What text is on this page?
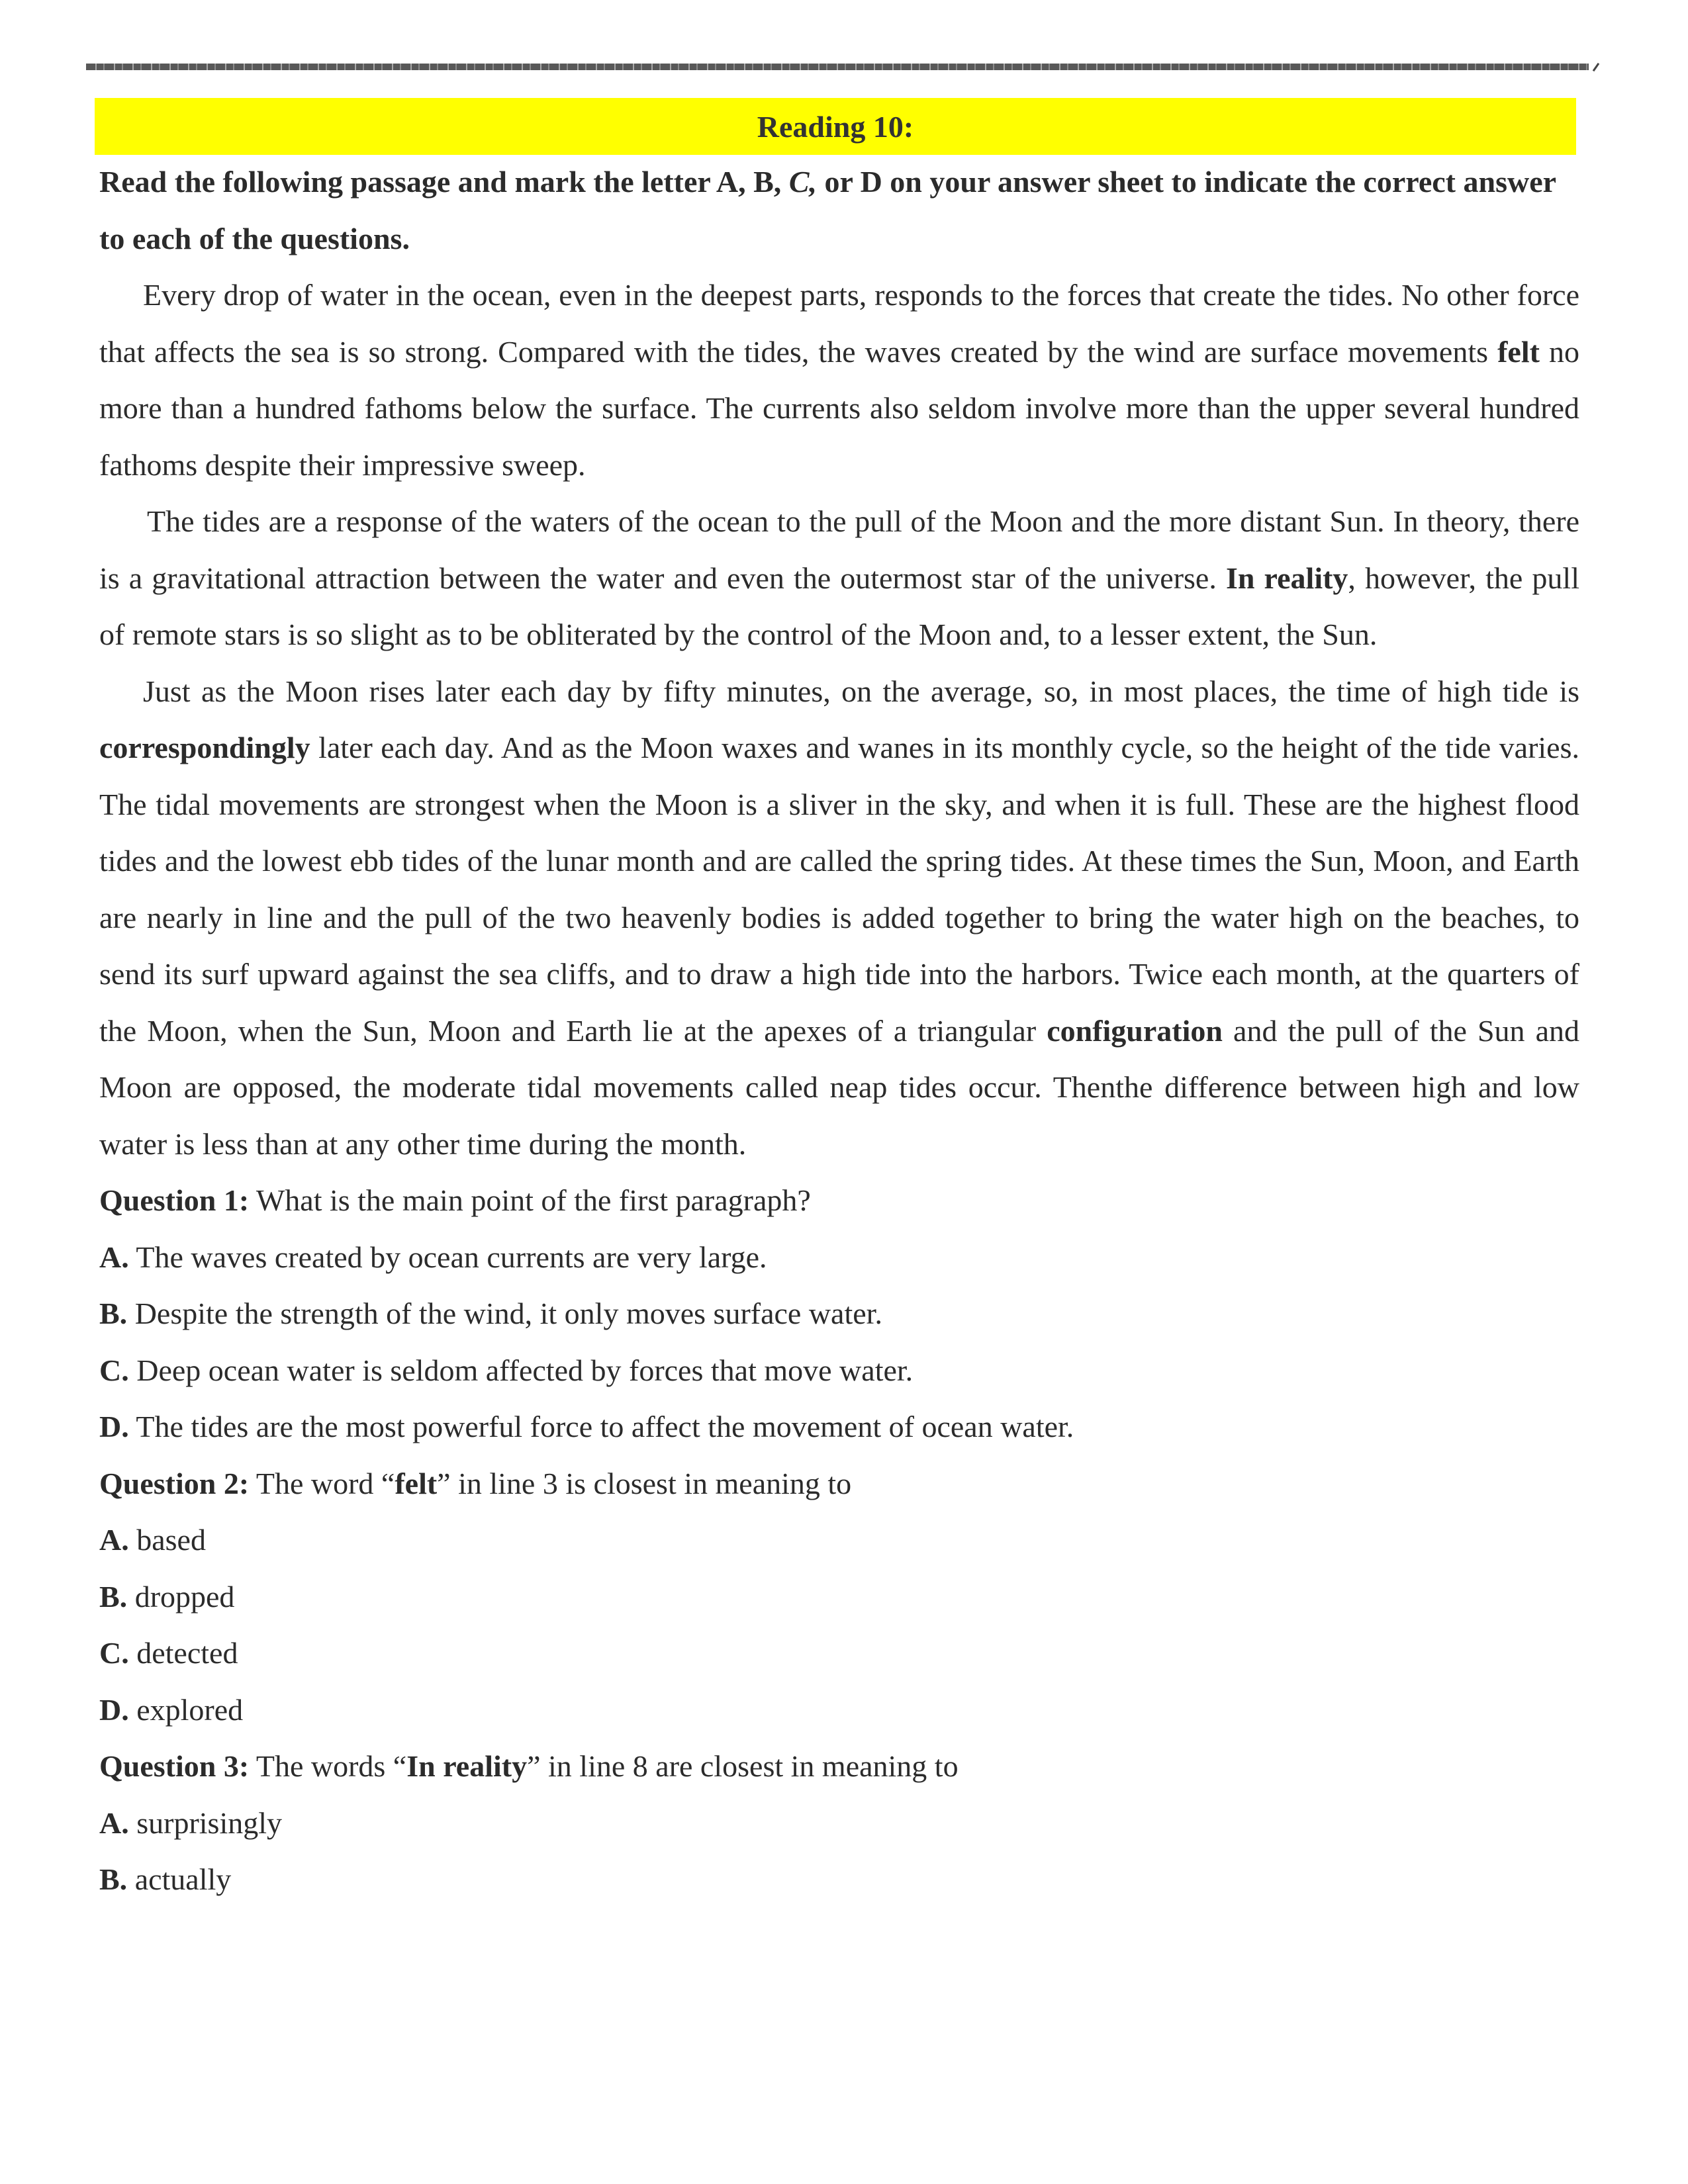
Reading 10:

Read the following passage and mark the letter A, B, C, or D on your answer sheet to indicate the correct answer to each of the questions.

Every drop of water in the ocean, even in the deepest parts, responds to the forces that create the tides. No other force that affects the sea is so strong. Compared with the tides, the waves created by the wind are surface movements felt no more than a hundred fathoms below the surface. The currents also seldom involve more than the upper several hundred fathoms despite their impressive sweep.

The tides are a response of the waters of the ocean to the pull of the Moon and the more distant Sun. In theory, there is a gravitational attraction between the water and even the outermost star of the universe. In reality, however, the pull of remote stars is so slight as to be obliterated by the control of the Moon and, to a lesser extent, the Sun.

Just as the Moon rises later each day by fifty minutes, on the average, so, in most places, the time of high tide is correspondingly later each day. And as the Moon waxes and wanes in its monthly cycle, so the height of the tide varies. The tidal movements are strongest when the Moon is a sliver in the sky, and when it is full. These are the highest flood tides and the lowest ebb tides of the lunar month and are called the spring tides. At these times the Sun, Moon, and Earth are nearly in line and the pull of the two heavenly bodies is added together to bring the water high on the beaches, to send its surf upward against the sea cliffs, and to draw a high tide into the harbors. Twice each month, at the quarters of the Moon, when the Sun, Moon and Earth lie at the apexes of a triangular configuration and the pull of the Sun and Moon are opposed, the moderate tidal movements called neap tides occur. Thenthe difference between high and low water is less than at any other time during the month.

Question 1: What is the main point of the first paragraph?

A. The waves created by ocean currents are very large.

B. Despite the strength of the wind, it only moves surface water.

C. Deep ocean water is seldom affected by forces that move water.

D. The tides are the most powerful force to affect the movement of ocean water.

Question 2: The word “felt” in line 3 is closest in meaning to

A. based

B. dropped

C. detected

D. explored

Question 3: The words “In reality” in line 8 are closest in meaning to

A. surprisingly

B. actually
